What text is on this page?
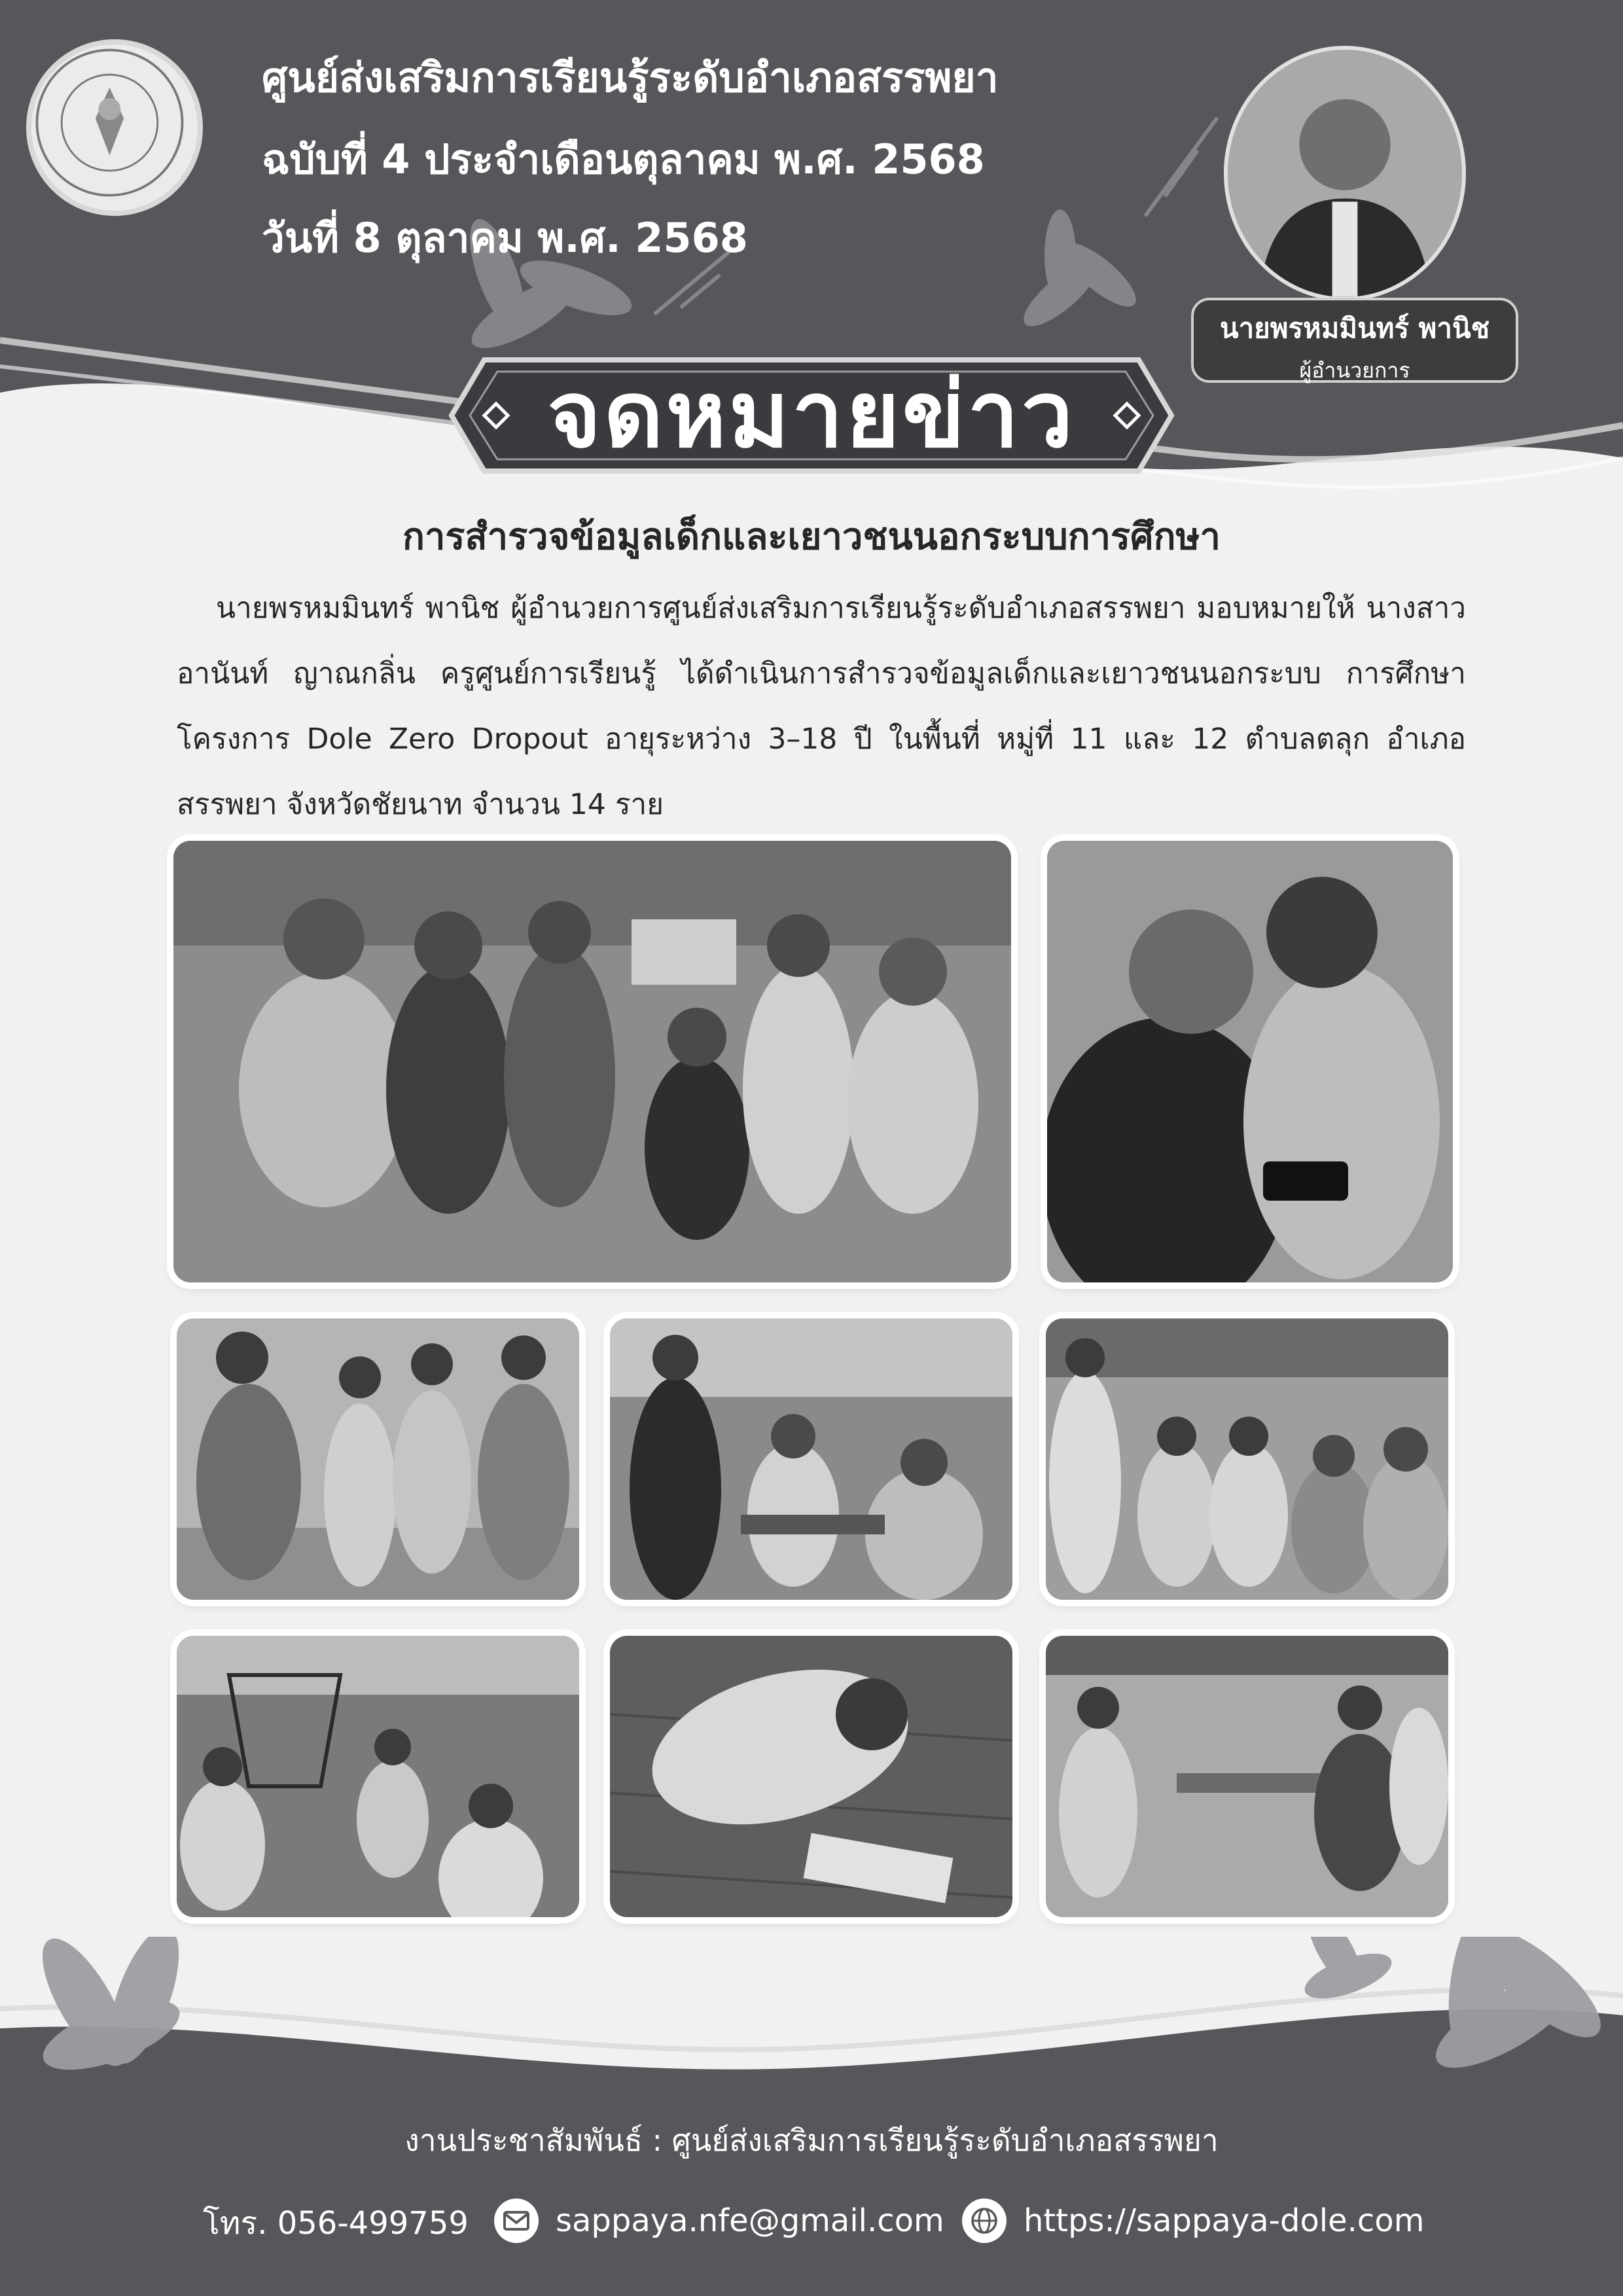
ศูนย์ส่งเสริมการเรียนรู้ระดับอำเภอสรรพยา
ฉบับที่ 4 ประจำเดือนตุลาคม พ.ศ. 2568
วันที่ 8 ตุลาคม พ.ศ. 2568
นายพรหมมินทร์ พานิช
ผู้อำนวยการ
จดหมายข่าว
การสำรวจข้อมูลเด็กและเยาวชนนอกระบบการศึกษา
นายพรหมมินทร์ พานิช ผู้อำนวยการศูนย์ส่งเสริมการเรียนรู้ระดับอำเภอสรรพยา มอบหมายให้ นางสาวอานันท์ ญาณกลิ่น ครูศูนย์การเรียนรู้ ได้ดำเนินการสำรวจข้อมูลเด็กและเยาวชนนอกระบบ การศึกษา โครงการ Dole Zero Dropout อายุระหว่าง 3–18 ปี ในพื้นที่ หมู่ที่ 11 และ 12 ตำบลตลุก อำเภอสรรพยา จังหวัดชัยนาท จำนวน 14 ราย
งานประชาสัมพันธ์ : ศูนย์ส่งเสริมการเรียนรู้ระดับอำเภอสรรพยา
โทร. 056-499759	sappaya.nfe@gmail.com	https://sappaya-dole.com
